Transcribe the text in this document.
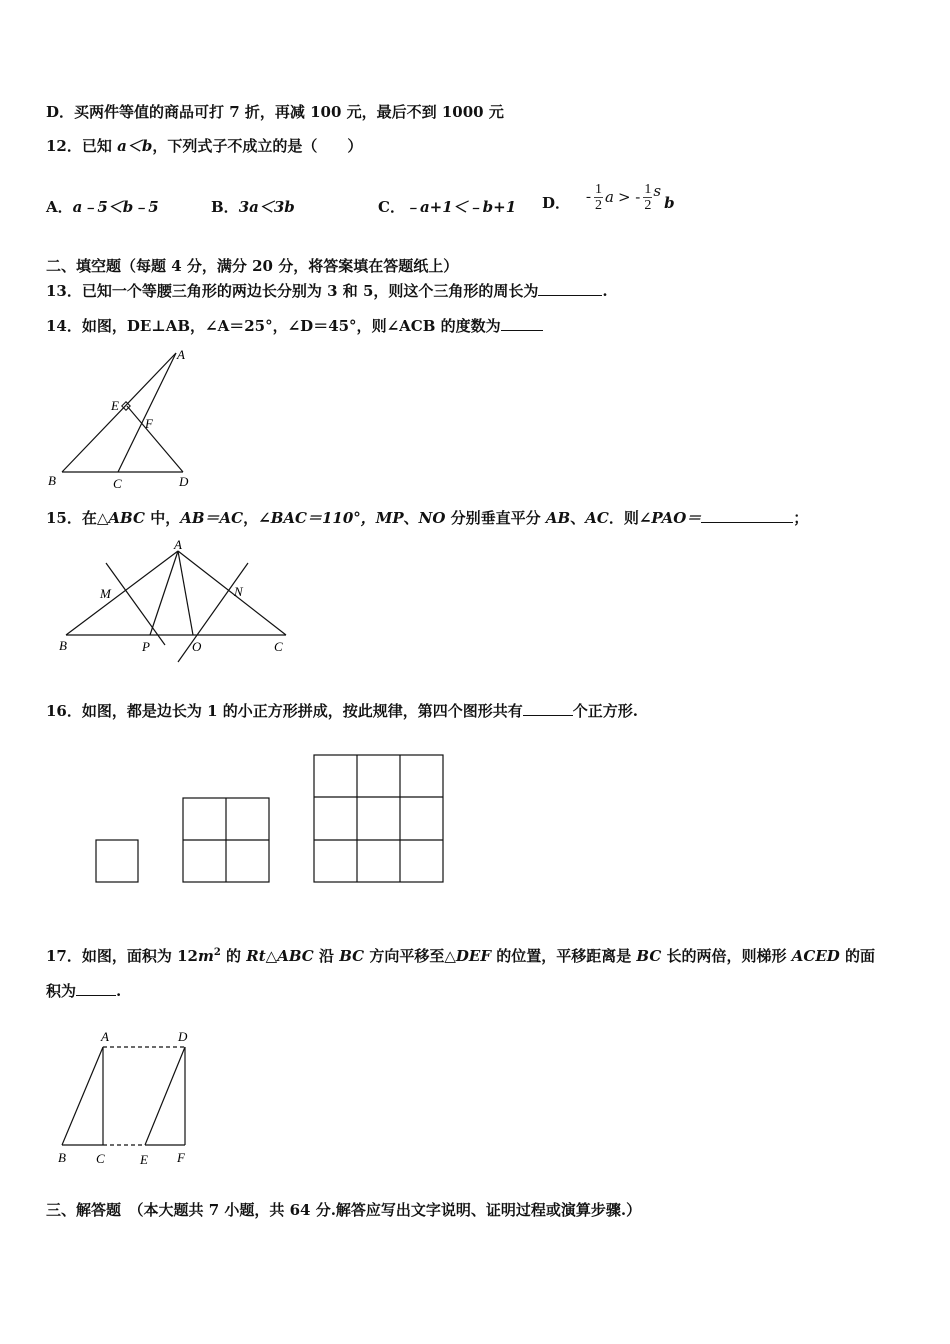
D．买两件等值的商品可打 7 折，再减 100 元，最后不到 1000 元
12．已知 a＜b，下列式子不成立的是（　　）
A．a﹣5＜b﹣5	B．3a＜3b	C．﹣a+1＜﹣b+1 D． - $\frac{1}{2}$ a > - $\frac{1}{2}$ s
b
二、填空题（每题 4 分，满分 20 分，将答案填在答题纸上）
13．已知一个等腰三角形的两边长分别为 3 和 5，则这个三角形的周长为	.
14．如图，DE⊥AB，∠A＝25°，∠D＝45°，则∠ACB 的度数为
A
E
F
B	C	D
15．在△ABC 中，AB＝AC，∠BAC＝110°，MP、NO 分别垂直平分 AB、AC．则∠PAO＝	；
A
M	N
B	P	O	C
16．如图，都是边长为 1 的小正方形拼成，按此规律，第四个图形共有	个正方形.
17．如图，面积为 $12m^2$ 的 Rt△ABC 沿 BC 方向平移至△DEF 的位置，平移距离是 BC 长的两倍，则梯形 ACED 的面
积为	.
A	D
B C	E F
三、解答题　（本大题共 7 小题，共 64 分.解答应写出文字说明、证明过程或演算步骤.）
